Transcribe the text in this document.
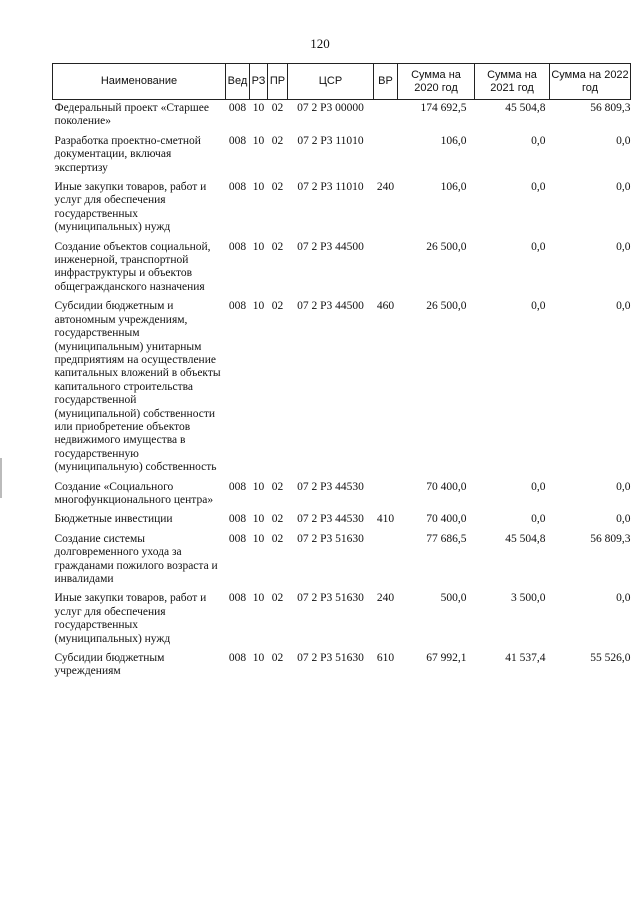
120
Наименование	Вед	РЗ	ПР	ЦСР	ВР	Сумма на 2020 год	Сумма на 2021 год	Сумма на 2022 год
Федеральный проект «Старшее поколение»	008	10	02	07 2 P3 00000		174 692,5	45 504,8	56 809,3
Разработка проектно-сметной документации, включая экспертизу	008	10	02	07 2 P3 11010		106,0	0,0	0,0
Иные закупки товаров, работ и услуг для обеспечения государственных (муниципальных) нужд	008	10	02	07 2 P3 11010	240	106,0	0,0	0,0
Создание объектов социальной, инженерной, транспортной инфраструктуры и объектов общегражданского назначения	008	10	02	07 2 P3 44500		26 500,0	0,0	0,0
Субсидии бюджетным и автономным учреждениям, государственным (муниципальным) унитарным предприятиям на осуществление капитальных вложений в объекты капитального строительства государственной (муниципальной) собственности или приобретение объектов недвижимого имущества в государственную (муниципальную) собственность	008	10	02	07 2 P3 44500	460	26 500,0	0,0	0,0
Создание «Социального многофункционального центра»	008	10	02	07 2 P3 44530		70 400,0	0,0	0,0
Бюджетные инвестиции	008	10	02	07 2 P3 44530	410	70 400,0	0,0	0,0
Создание системы долговременного ухода за гражданами пожилого возраста и инвалидами	008	10	02	07 2 P3 51630		77 686,5	45 504,8	56 809,3
Иные закупки товаров, работ и услуг для обеспечения государственных (муниципальных) нужд	008	10	02	07 2 P3 51630	240	500,0	3 500,0	0,0
Субсидии бюджетным учреждениям	008	10	02	07 2 P3 51630	610	67 992,1	41 537,4	55 526,0
